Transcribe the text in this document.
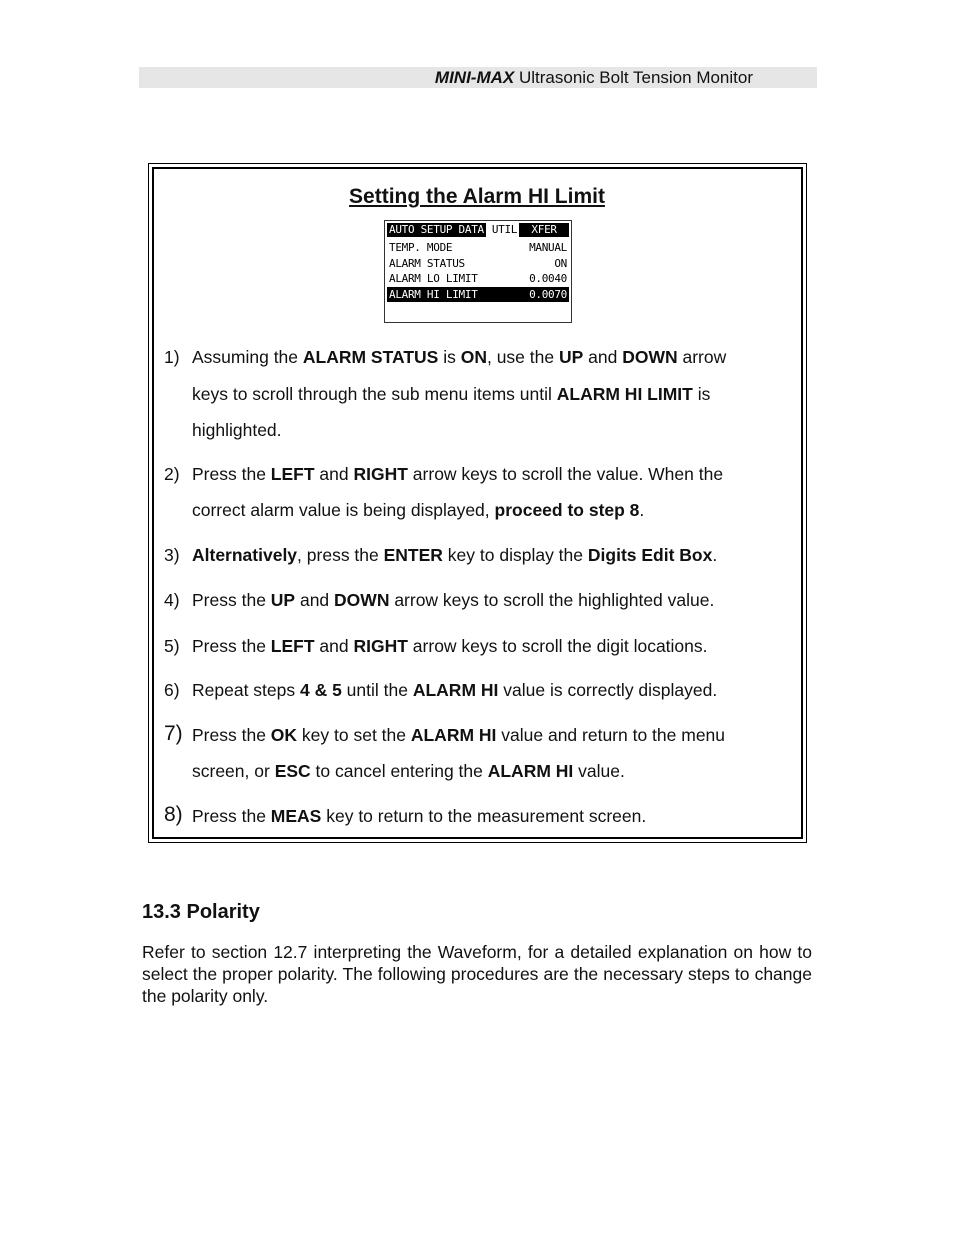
MINI-MAX Ultrasonic Bolt Tension Monitor
Setting the Alarm HI Limit
AUTO SETUP DATA UTIL	XFER
TEMP. MODE	MANUAL
ALARM STATUS	ON
ALARM LO LIMIT	0.0040
ALARM HI LIMIT	0.0070
1) Assuming the ALARM STATUS is ON, use the UP and DOWN arrow
keys to scroll through the sub menu items until ALARM HI LIMIT is
highlighted.
2) Press the LEFT and RIGHT arrow keys to scroll the value. When the
correct alarm value is being displayed, proceed to step 8.
3) Alternatively, press the ENTER key to display the Digits Edit Box.
4) Press the UP and DOWN arrow keys to scroll the highlighted value.
5) Press the LEFT and RIGHT arrow keys to scroll the digit locations.
6) Repeat steps 4 & 5 until the ALARM HI value is correctly displayed.
7) Press the OK key to set the ALARM HI value and return to the menu
screen, or ESC to cancel entering the ALARM HI value.
8) Press the MEAS key to return to the measurement screen.
13.3 Polarity
Refer to section 12.7 interpreting the Waveform, for a detailed explanation on how to select the proper polarity. The following procedures are the necessary steps to change the polarity only.
